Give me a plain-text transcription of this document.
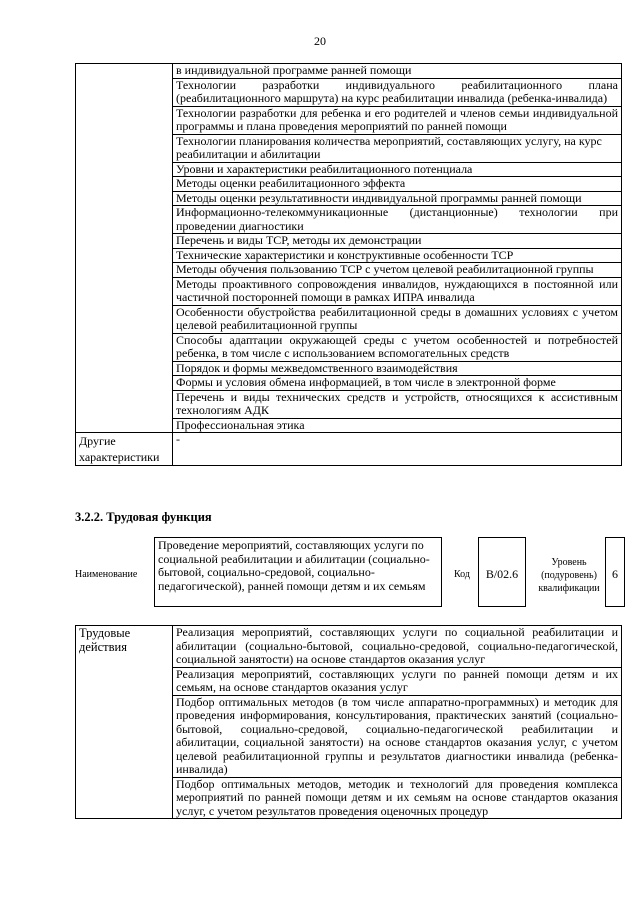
20
	в индивидуальной программе ранней помощи
	Технологии разработки индивидуального реабилитационного плана (реабилитационного маршрута) на курс реабилитации инвалида (ребенка-инвалида)
	Технологии разработки для ребенка и его родителей и членов семьи индивидуальной программы и плана проведения мероприятий по ранней помощи
	Технологии планирования количества мероприятий, составляющих услугу, на курс реабилитации и абилитации
	Уровни и характеристики реабилитационного потенциала
	Методы оценки реабилитационного эффекта
	Методы оценки результативности индивидуальной программы ранней помощи
	Информационно-телекоммуникационные (дистанционные) технологии при проведении диагностики
	Перечень и виды ТСР, методы их демонстрации
	Технические характеристики и конструктивные особенности ТСР
	Методы обучения пользованию ТСР с учетом целевой реабилитационной группы
	Методы проактивного сопровождения инвалидов, нуждающихся в постоянной или частичной посторонней помощи в рамках ИПРА инвалида
	Особенности обустройства реабилитационной среды в домашних условиях с учетом целевой реабилитационной группы
	Способы адаптации окружающей среды с учетом особенностей и потребностей ребенка, в том числе с использованием вспомогательных средств
	Порядок и формы межведомственного взаимодействия
	Формы и условия обмена информацией, в том числе в электронной форме
	Перечень и виды технических средств и устройств, относящихся к ассистивным технологиям АДК
	Профессиональная этика
Другие характеристики	-
3.2.2. Трудовая функция
Наименование
Проведение мероприятий, составляющих услуги по социальной реабилитации и абилитации (социально-бытовой, социально-средовой, социально-педагогической), ранней помощи детям и их семьям
Код	B/02.6
Уровень (подуровень) квалификации
6
Трудовые действия	Реализация мероприятий, составляющих услуги по социальной реабилитации и абилитации (социально-бытовой, социально-средовой, социально-педагогической, социальной занятости) на основе стандартов оказания услуг
Реализация мероприятий, составляющих услуги по ранней помощи детям и их семьям, на основе стандартов оказания услуг
Подбор оптимальных методов (в том числе аппаратно-программных) и методик для проведения информирования, консультирования, практических занятий (социально-бытовой, социально-средовой, социально-педагогической реабилитации и абилитации, социальной занятости) на основе стандартов оказания услуг, с учетом целевой реабилитационной группы и результатов диагностики инвалида (ребенка-инвалида)
Подбор оптимальных методов, методик и технологий для проведения комплекса мероприятий по ранней помощи детям и их семьям на основе стандартов оказания услуг, с учетом результатов проведения оценочных процедур
